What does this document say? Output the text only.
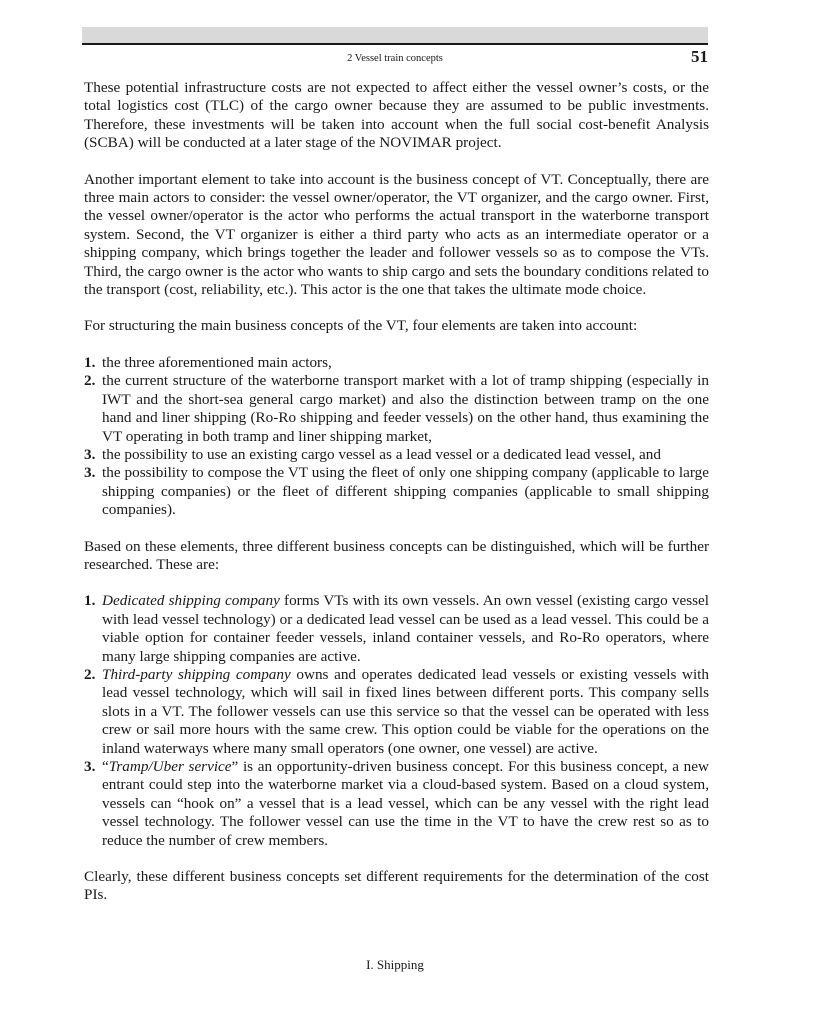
2 Vessel train concepts	51

These potential infrastructure costs are not expected to affect either the vessel owner’s costs, or the total logistics cost (TLC) of the cargo owner because they are assumed to be public investments. Therefore, these investments will be taken into account when the full social cost-benefit Analysis (SCBA) will be conducted at a later stage of the NOVIMAR project.

Another important element to take into account is the business concept of VT. Conceptually, there are three main actors to consider: the vessel owner/operator, the VT organizer, and the cargo owner. First, the vessel owner/operator is the actor who performs the actual transport in the waterborne transport system. Second, the VT organizer is either a third party who acts as an intermediate operator or a shipping company, which brings together the leader and follower vessels so as to compose the VTs. Third, the cargo owner is the actor who wants to ship cargo and sets the boundary conditions related to the transport (cost, reliability, etc.). This actor is the one that takes the ultimate mode choice.

For structuring the main business concepts of the VT, four elements are taken into account:

1. the three aforementioned main actors,
2. the current structure of the waterborne transport market with a lot of tramp shipping (especially in IWT and the short-sea general cargo market) and also the distinction between tramp on the one hand and liner shipping (Ro-Ro shipping and feeder vessels) on the other hand, thus examining the VT operating in both tramp and liner shipping market,
3. the possibility to use an existing cargo vessel as a lead vessel or a dedicated lead vessel, and
3. the possibility to compose the VT using the fleet of only one shipping company (applicable to large shipping companies) or the fleet of different shipping companies (applicable to small shipping companies).

Based on these elements, three different business concepts can be distinguished, which will be further researched. These are:

1. Dedicated shipping company forms VTs with its own vessels. An own vessel (existing cargo vessel with lead vessel technology) or a dedicated lead vessel can be used as a lead vessel. This could be a viable option for container feeder vessels, inland container vessels, and Ro-Ro operators, where many large shipping companies are active.
2. Third-party shipping company owns and operates dedicated lead vessels or existing vessels with lead vessel technology, which will sail in fixed lines between different ports. This company sells slots in a VT. The follower vessels can use this service so that the vessel can be operated with less crew or sail more hours with the same crew. This option could be viable for the operations on the inland waterways where many small operators (one owner, one vessel) are active.
3. “Tramp/Uber service” is an opportunity-driven business concept. For this business concept, a new entrant could step into the waterborne market via a cloud-based system. Based on a cloud system, vessels can “hook on” a vessel that is a lead vessel, which can be any vessel with the right lead vessel technology. The follower vessel can use the time in the VT to have the crew rest so as to reduce the number of crew members.

Clearly, these different business concepts set different requirements for the determination of the cost PIs.

I. Shipping
